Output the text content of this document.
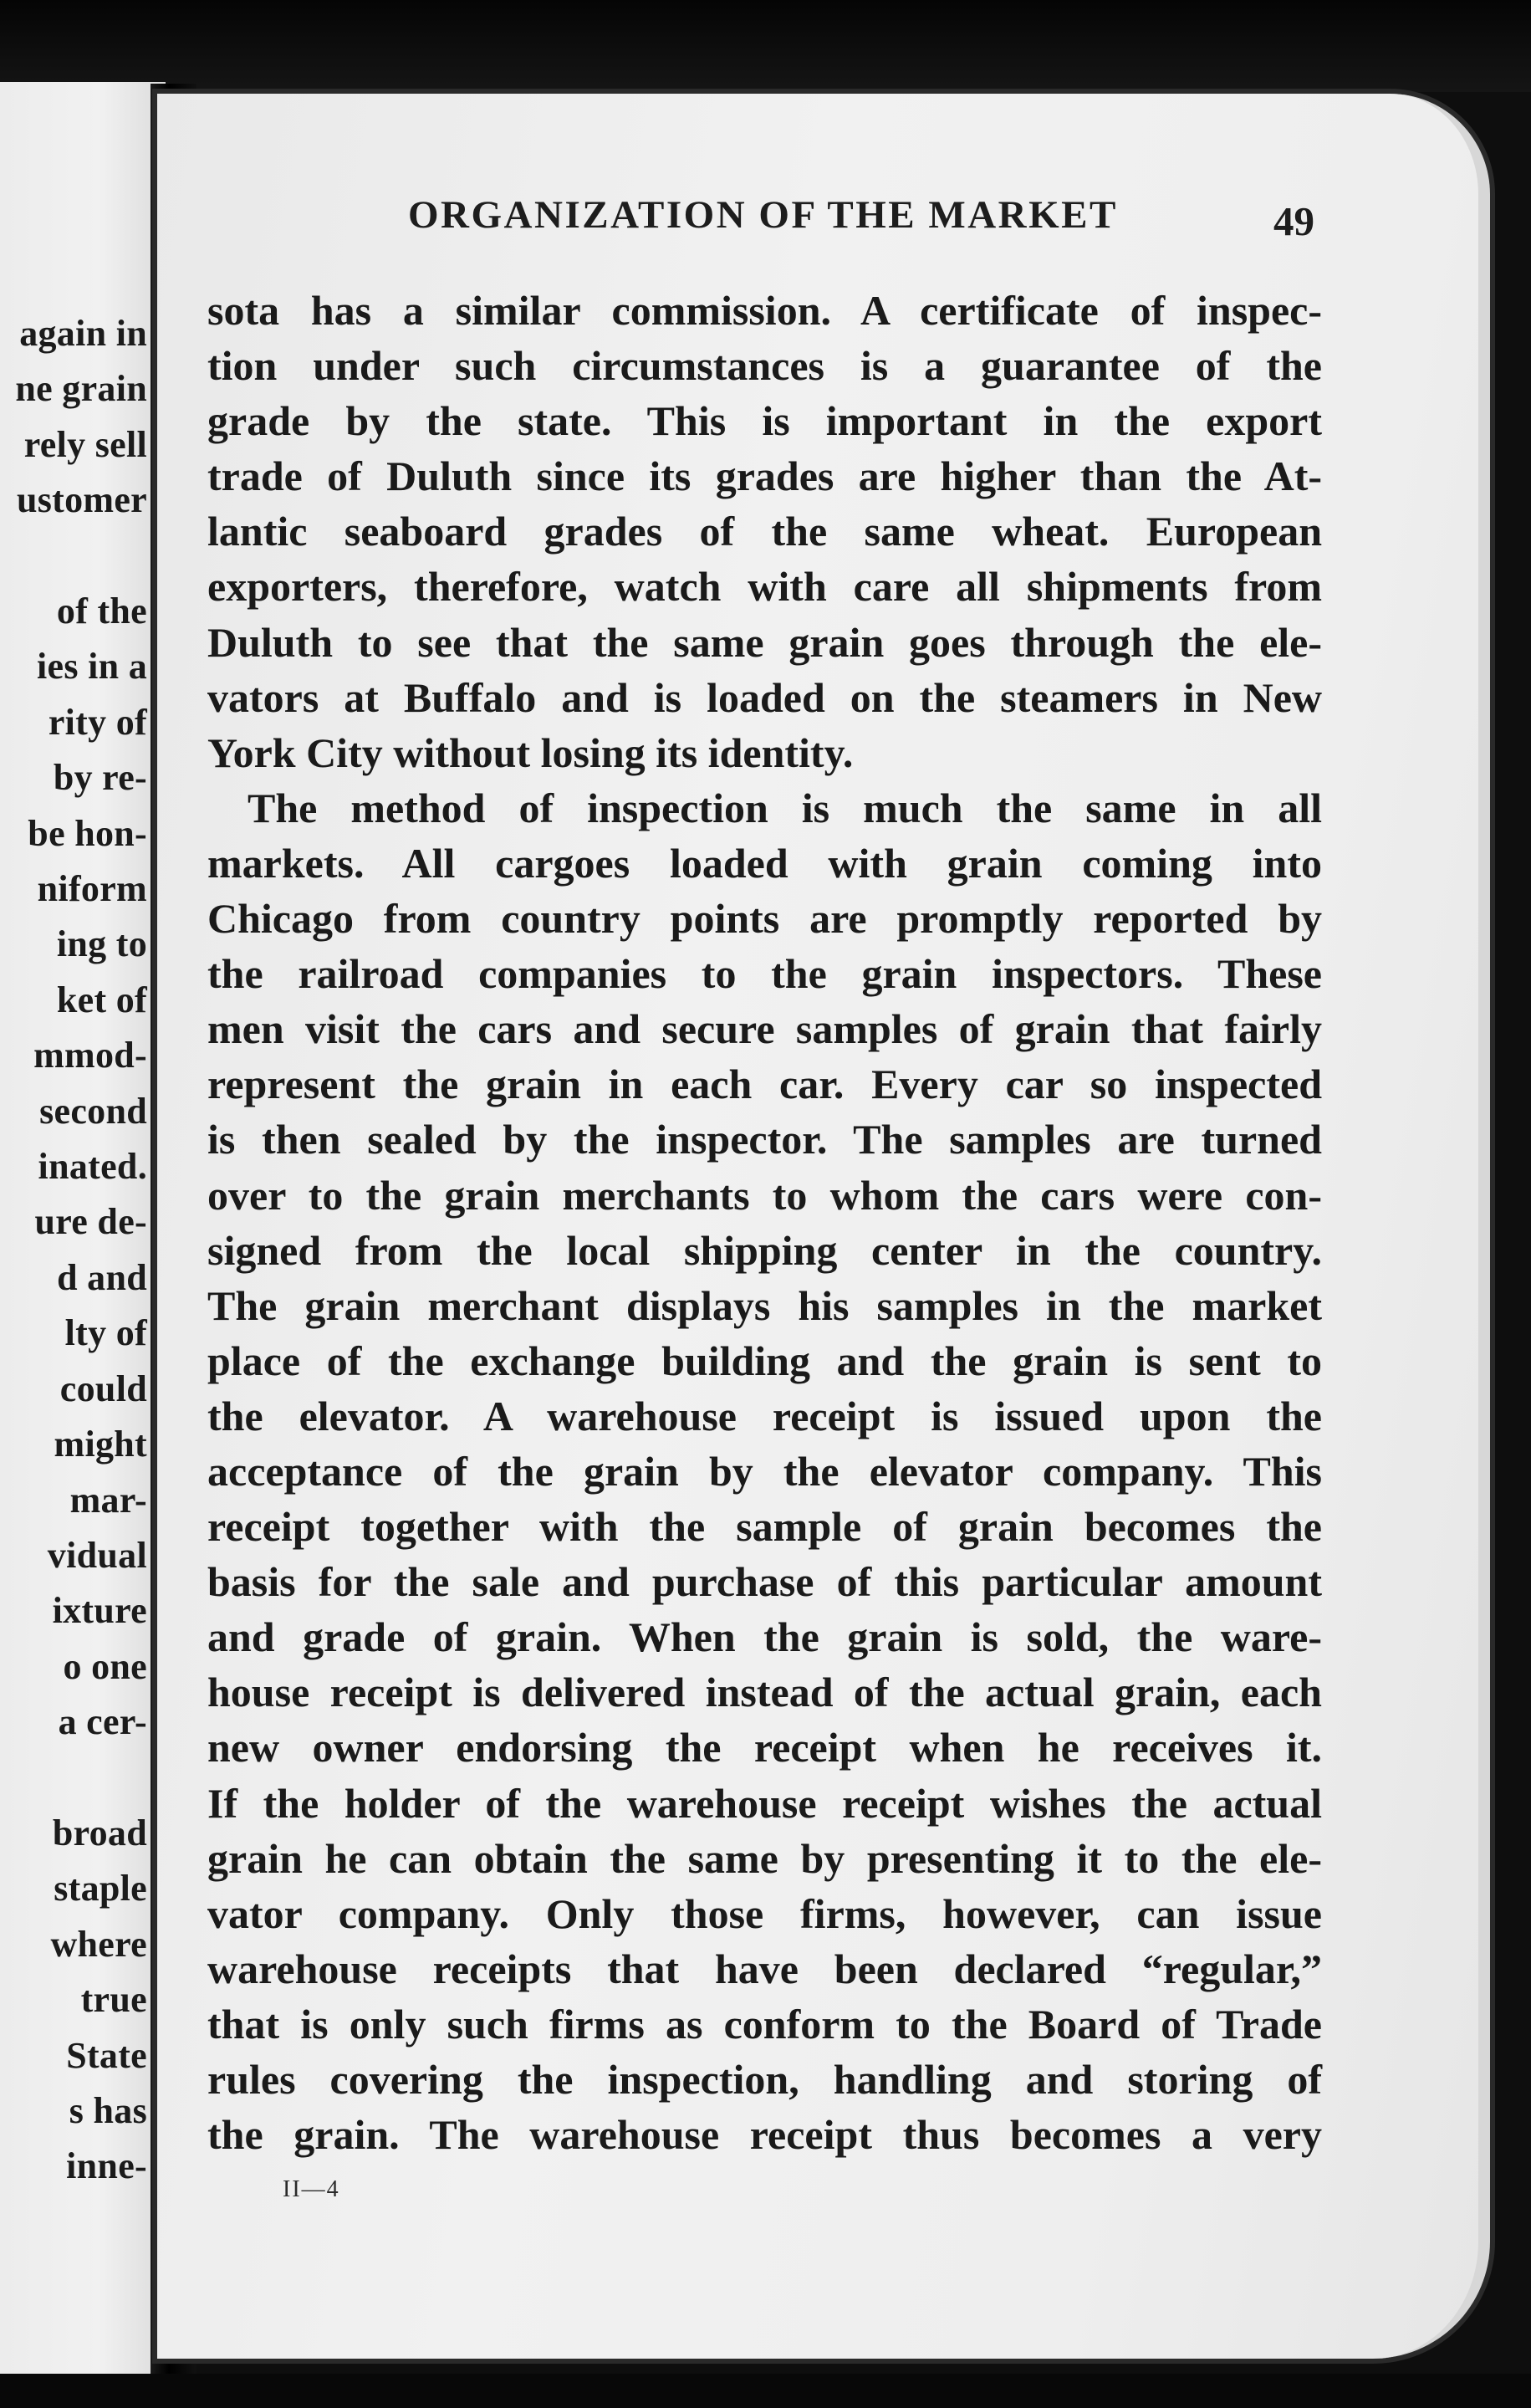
again in
ne grain
rely sell
ustomer
of the
ies in a
rity of
by re-
be hon-
niform
ing to
ket of
mmod-
second
inated.
ure de-
d and
lty of
could
might
mar-
vidual
ixture
o one
a cer-
broad
staple
where
true
State
s has
inne-
ORGANIZATION OF THE MARKET	49
sota has a similar commission. A certificate of inspec-
tion under such circumstances is a guarantee of the
grade by the state. This is important in the export
trade of Duluth since its grades are higher than the At-
lantic seaboard grades of the same wheat. European
exporters, therefore, watch with care all shipments from
Duluth to see that the same grain goes through the ele-
vators at Buffalo and is loaded on the steamers in New
York City without losing its identity.
The method of inspection is much the same in all
markets. All cargoes loaded with grain coming into
Chicago from country points are promptly reported by
the railroad companies to the grain inspectors. These
men visit the cars and secure samples of grain that fairly
represent the grain in each car. Every car so inspected
is then sealed by the inspector. The samples are turned
over to the grain merchants to whom the cars were con-
signed from the local shipping center in the country.
The grain merchant displays his samples in the market
place of the exchange building and the grain is sent to
the elevator. A warehouse receipt is issued upon the
acceptance of the grain by the elevator company. This
receipt together with the sample of grain becomes the
basis for the sale and purchase of this particular amount
and grade of grain. When the grain is sold, the ware-
house receipt is delivered instead of the actual grain, each
new owner endorsing the receipt when he receives it.
If the holder of the warehouse receipt wishes the actual
grain he can obtain the same by presenting it to the ele-
vator company. Only those firms, however, can issue
warehouse receipts that have been declared “regular,”
that is only such firms as conform to the Board of Trade
rules covering the inspection, handling and storing of
the grain. The warehouse receipt thus becomes a very
II—4
